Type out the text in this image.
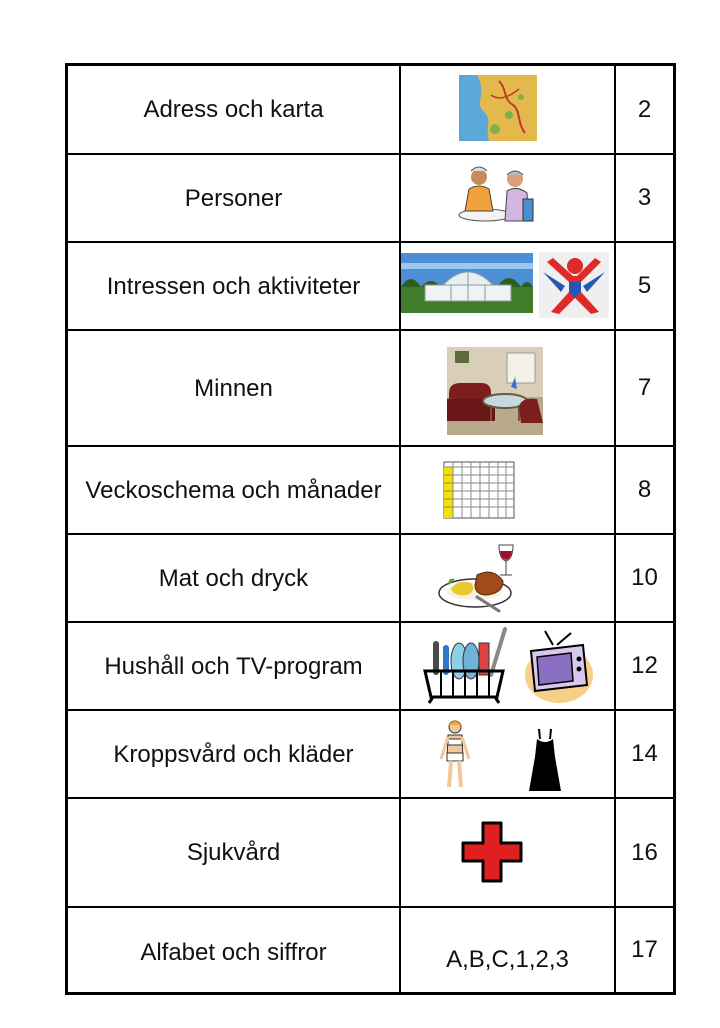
Adress och karta	2
Personer	3
Intressen och aktiviteter	5
Minnen	7
Veckoschema och månader	8
Mat och dryck	10
Hushåll och TV-program	12
Kroppsvård och kläder	14
Sjukvård	16
Alfabet och siffror	A,B,C,1,2,3	17
